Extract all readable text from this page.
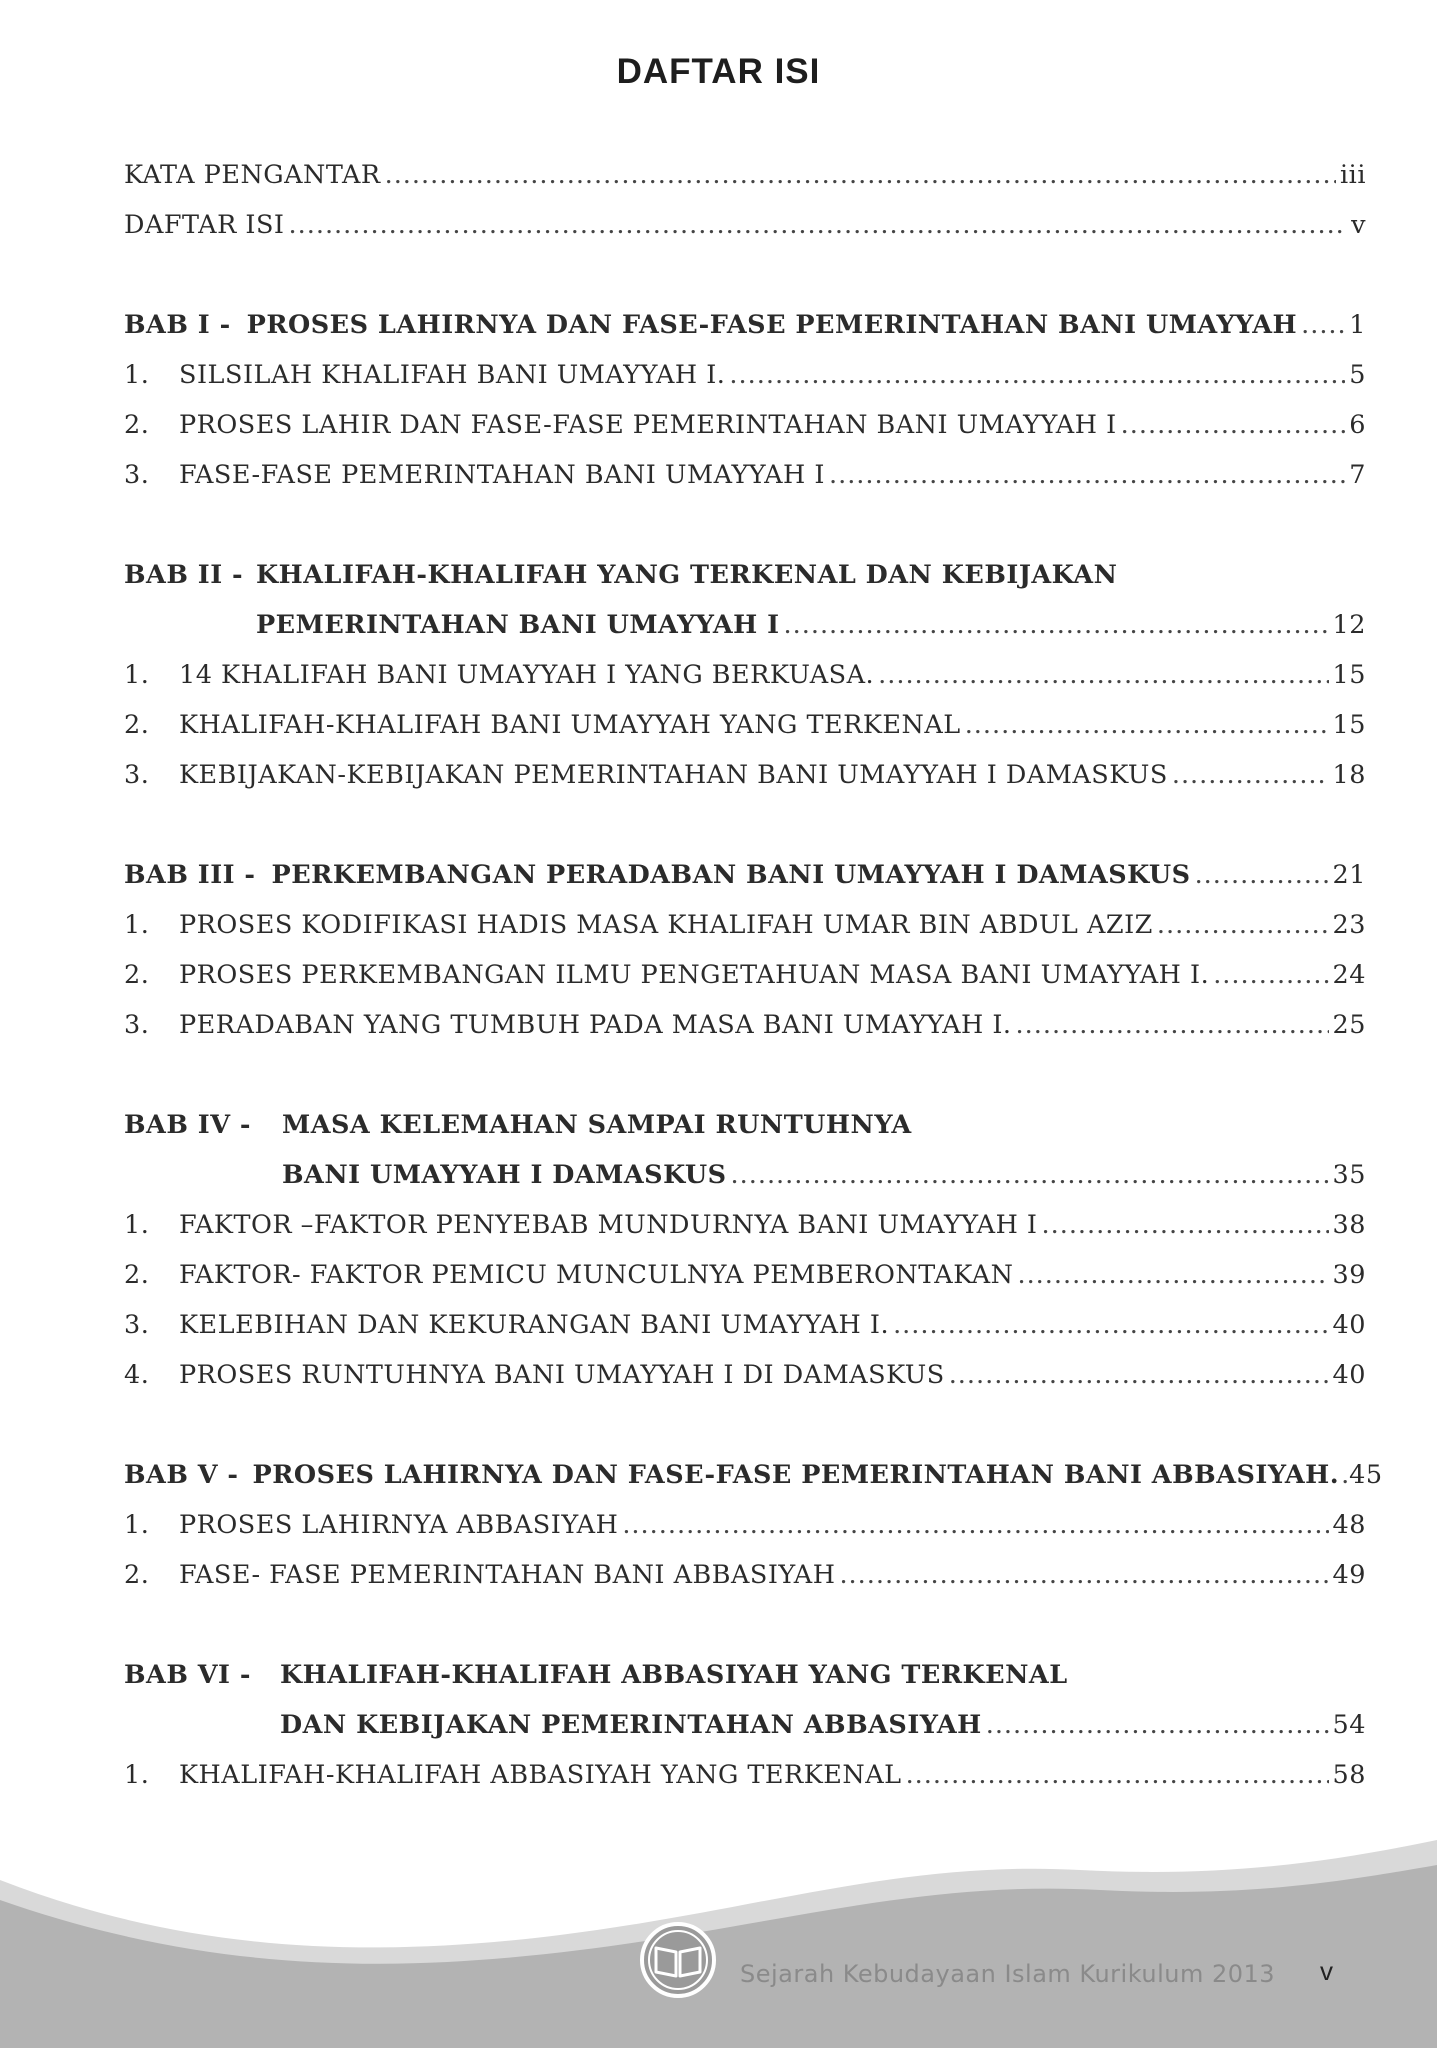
DAFTAR ISI
KATA PENGANTAR .....	iii
DAFTAR ISI .....	v
BAB I - PROSES LAHIRNYA DAN FASE-FASE PEMERINTAHAN BANI UMAYYAH ..... 1
1.	SILSILAH KHALIFAH BANI UMAYYAH I. .....	5
2.	PROSES LAHIR DAN FASE-FASE PEMERINTAHAN BANI UMAYYAH I .....	6
3.	FASE-FASE PEMERINTAHAN BANI UMAYYAH I .....	7
BAB II - KHALIFAH-KHALIFAH YANG TERKENAL DAN KEBIJAKAN
PEMERINTAHAN BANI UMAYYAH I .....	12
1.	14 KHALIFAH BANI UMAYYAH I YANG BERKUASA. .....	15
2.	KHALIFAH-KHALIFAH BANI UMAYYAH YANG TERKENAL .....	15
3.	KEBIJAKAN-KEBIJAKAN PEMERINTAHAN BANI UMAYYAH I DAMASKUS .....	18
BAB III - PERKEMBANGAN PERADABAN BANI UMAYYAH I DAMASKUS .....	21
1.	PROSES KODIFIKASI HADIS MASA KHALIFAH UMAR BIN ABDUL AZIZ .....	23
2.	PROSES PERKEMBANGAN ILMU PENGETAHUAN MASA BANI UMAYYAH I. .....	24
3.	PERADABAN YANG TUMBUH PADA MASA BANI UMAYYAH I. .....	25
BAB IV -	MASA KELEMAHAN SAMPAI RUNTUHNYA
BANI UMAYYAH I DAMASKUS .....	35
1.	FAKTOR –FAKTOR PENYEBAB MUNDURNYA BANI UMAYYAH I .....	38
2.	FAKTOR- FAKTOR PEMICU MUNCULNYA PEMBERONTAKAN .....	39
3.	KELEBIHAN DAN KEKURANGAN BANI UMAYYAH I. .....	40
4.	PROSES RUNTUHNYA BANI UMAYYAH I DI DAMASKUS .....	40
BAB V - PROSES LAHIRNYA DAN FASE-FASE PEMERINTAHAN BANI ABBASIYAH. ..... 45
1.	PROSES LAHIRNYA ABBASIYAH .....	48
2.	FASE- FASE PEMERINTAHAN BANI ABBASIYAH .....	49
BAB VI -	KHALIFAH-KHALIFAH ABBASIYAH YANG TERKENAL
DAN KEBIJAKAN PEMERINTAHAN ABBASIYAH .....	54
1.	KHALIFAH-KHALIFAH ABBASIYAH YANG TERKENAL .....	58
Sejarah Kebudayaan Islam Kurikulum 2013 v
